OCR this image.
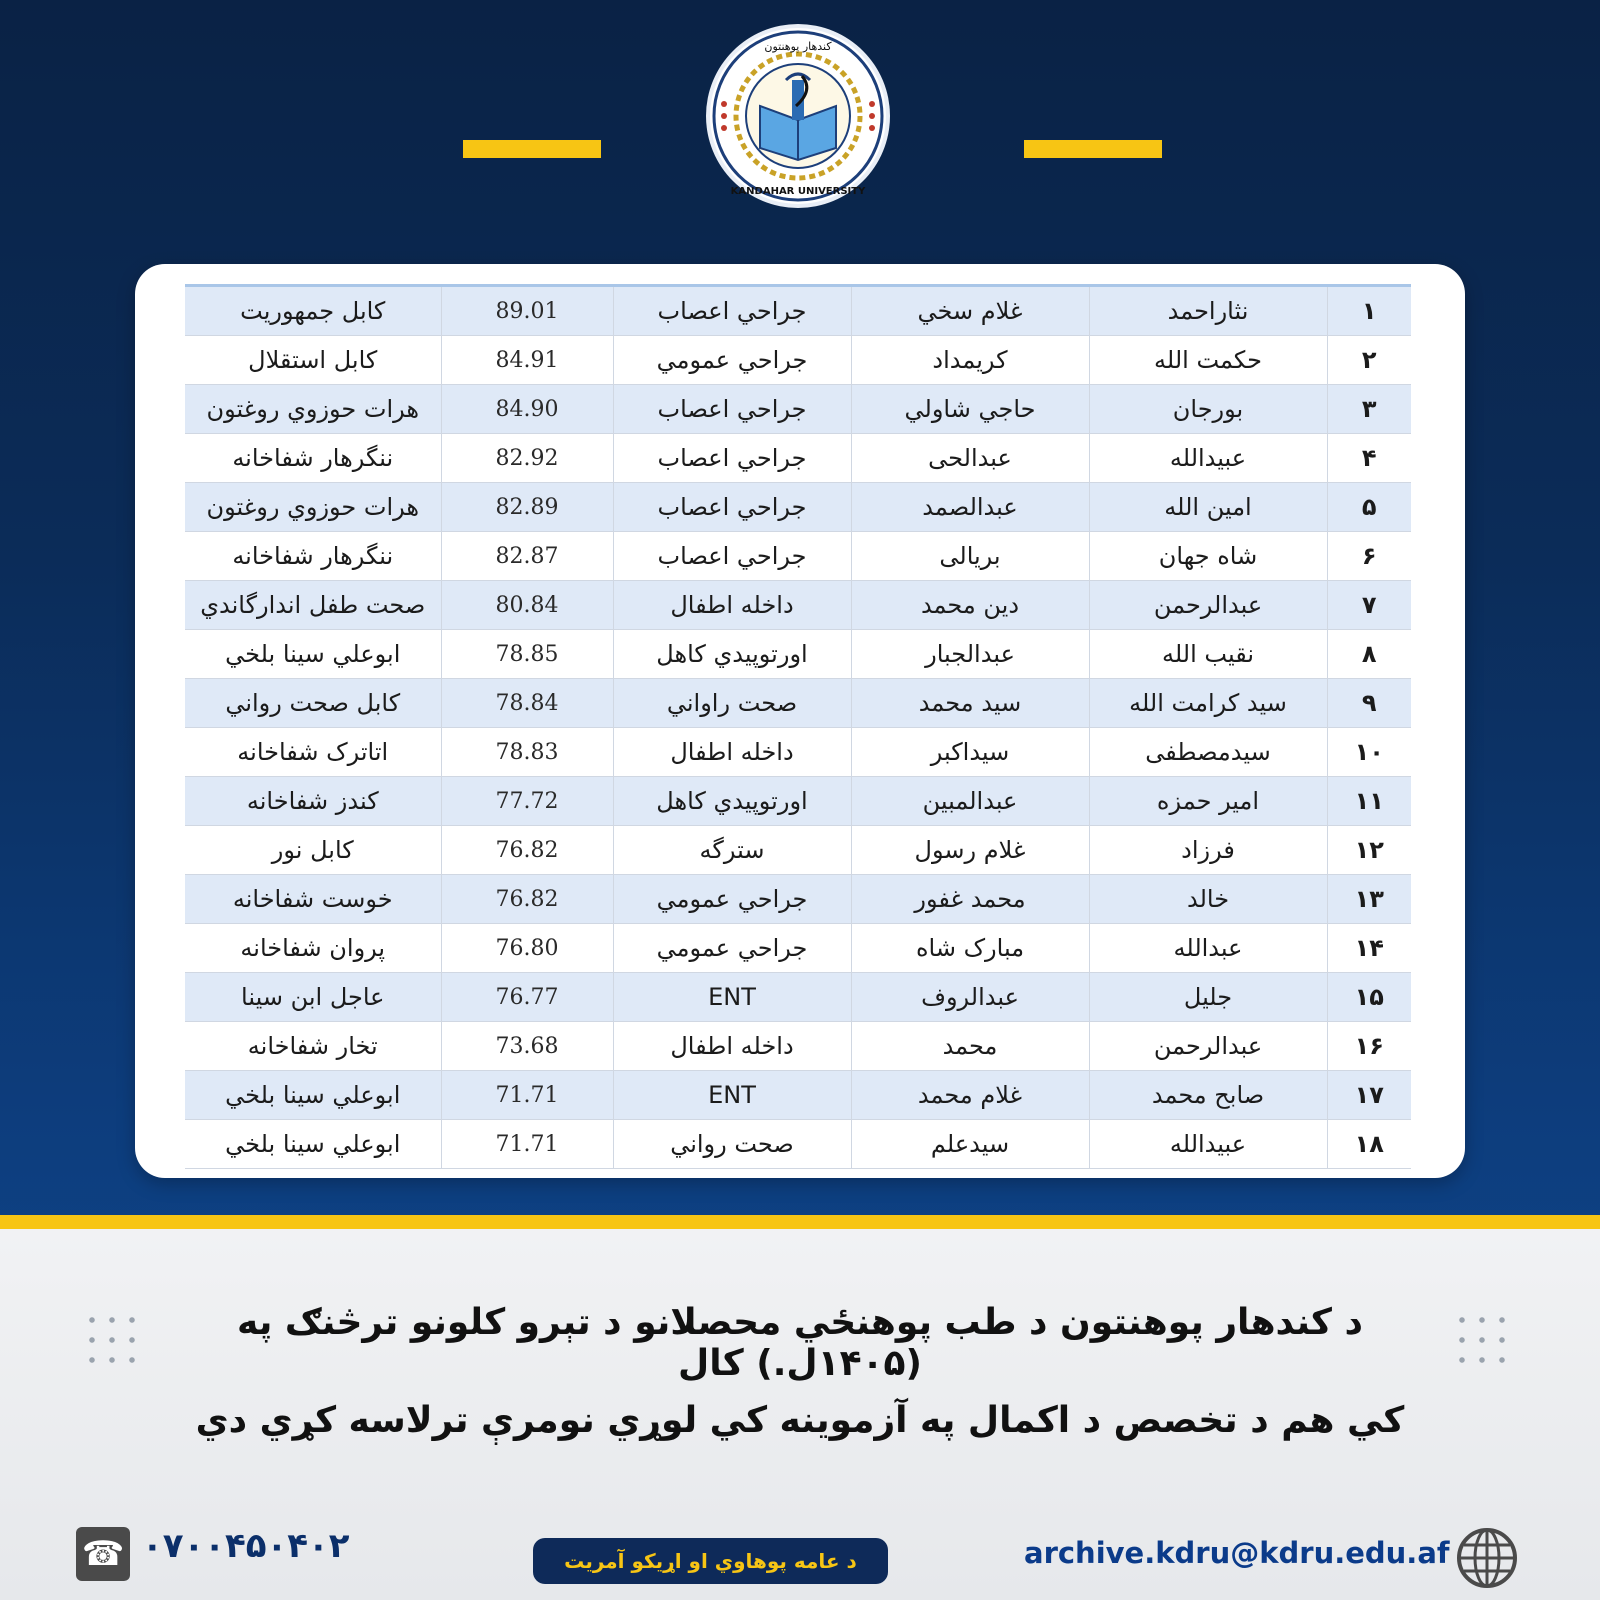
کندهار پوهنتون
KANDAHAR UNIVERSITY
۱	نثاراحمد	غلام سخي	جراحي اعصاب	89.01	کابل جمهوریت
۲	حکمت الله	کریمداد	جراحي عمومي	84.91	کابل استقلال
۳	بورجان	حاجي شاولي	جراحي اعصاب	84.90	هرات حوزوي روغتون
۴	عبیدالله	عبدالحی	جراحي اعصاب	82.92	ننگرهار شفاخانه
۵	امین الله	عبدالصمد	جراحي اعصاب	82.89	هرات حوزوي روغتون
۶	شاه جهان	بریالی	جراحي اعصاب	82.87	ننگرهار شفاخانه
۷	عبدالرحمن	دین محمد	داخله اطفال	80.84	صحت طفل اندارگاندي
۸	نقیب الله	عبدالجبار	اورتوپیدي کاهل	78.85	ابوعلي سینا بلخي
۹	سید کرامت الله	سید محمد	صحت راواني	78.84	کابل صحت رواني
۱۰	سیدمصطفی	سیداکبر	داخله اطفال	78.83	اتاترک شفاخانه
۱۱	امیر حمزه	عبدالمبین	اورتوپیدي کاهل	77.72	کندز شفاخانه
۱۲	فرزاد	غلام رسول	سترگه	76.82	کابل نور
۱۳	خالد	محمد غفور	جراحي عمومي	76.82	خوست شفاخانه
۱۴	عبدالله	مبارک شاه	جراحي عمومي	76.80	پروان شفاخانه
۱۵	جلیل	عبدالروف	ENT	76.77	عاجل ابن سینا
۱۶	عبدالرحمن	محمد	داخله اطفال	73.68	تخار شفاخانه
۱۷	صابح محمد	غلام محمد	ENT	71.71	ابوعلي سینا بلخي
۱۸	عبیدالله	سیدعلم	صحت رواني	71.71	ابوعلي سینا بلخي
د کندهار پوهنتون د طب پوهنځي محصلانو د تېرو کلونو ترڅنګ په (۱۴۰۵ل.) کال
کي هم د تخصص د اکمال په آزموینه کي لوړي نومرې ترلاسه کړي دي
☎ ۰۷۰۰۴۵۰۴۰۲	د عامه پوهاوي او اړیکو آمریت	archive.kdru@kdru.edu.af
